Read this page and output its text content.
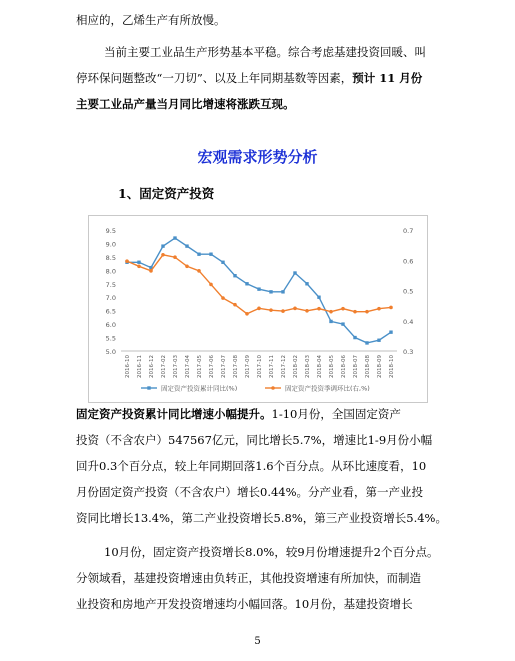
相应的，乙烯生产有所放慢。
当前主要工业品生产形势基本平稳。综合考虑基建投资回暖、叫
停环保问题整改“一刀切”、以及上年同期基数等因素，预计 11 月份
主要工业品产量当月同比增速将涨跌互现。
宏观需求形势分析
1、固定资产投资
9.5
9.0
8.5
8.0
7.5
7.0
6.5
6.0
5.5
5.0
0.7
0.6
0.5
0.4
0.3
2016-10 2016-11 2016-12 2017-02 2017-03 2017-04 2017-05 2017-06 2017-07 2017-08 2017-09 2017-10 2017-11 2017-12 2018-02 2018-03 2018-04 2018-05 2018-06 2018-07 2018-08 2018-09 2018-10
固定资产投资累计同比(%)	固定资产投资季调环比(右,%)
固定资产投资累计同比增速小幅提升。1-10月份，全国固定资产
投资（不含农户）547567亿元，同比增长5.7%，增速比1-9月份小幅
回升0.3个百分点，较上年同期回落1.6个百分点。从环比速度看，10
月份固定资产投资（不含农户）增长0.44%。分产业看，第一产业投
资同比增长13.4%，第二产业投资增长5.8%，第三产业投资增长5.4%。
10月份，固定资产投资增长8.0%，较9月份增速提升2个百分点。
分领域看，基建投资增速由负转正，其他投资增速有所加快，而制造
业投资和房地产开发投资增速均小幅回落。10月份，基建投资增长
5
